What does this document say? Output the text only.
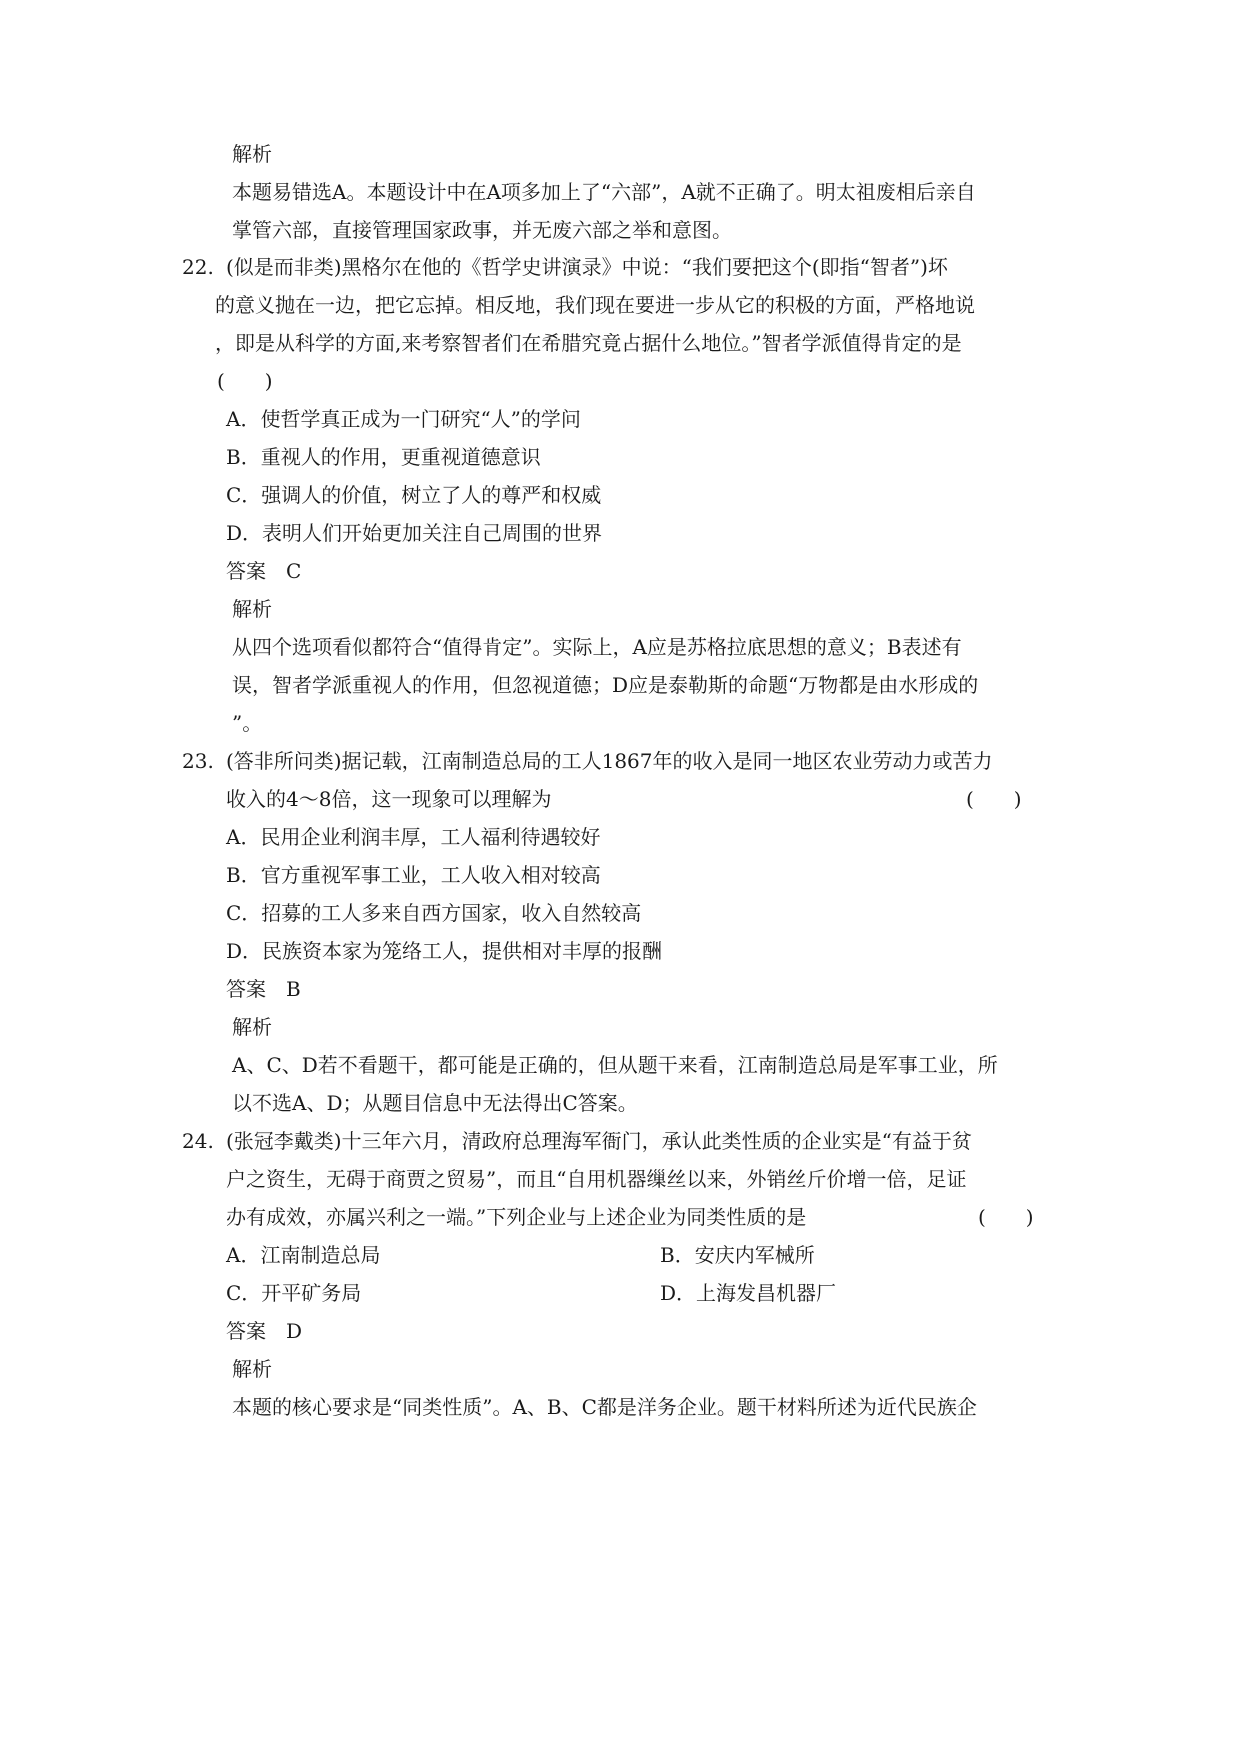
解析
本题易错选A。本题设计中在A项多加上了“六部”，A就不正确了。明太祖废相后亲自
掌管六部，直接管理国家政事，并无废六部之举和意图。
22. (似是而非类)黑格尔在他的《哲学史讲演录》中说：“我们要把这个(即指“智者”)坏
的意义抛在一边，把它忘掉。相反地，我们现在要进一步从它的积极的方面，严格地说
，即是从科学的方面,来考察智者们在希腊究竟占据什么地位。”智者学派值得肯定的是
(　　)
A．使哲学真正成为一门研究“人”的学问
B．重视人的作用，更重视道德意识
C．强调人的价值，树立了人的尊严和权威
D．表明人们开始更加关注自己周围的世界
答案　C
解析
从四个选项看似都符合“值得肯定”。实际上，A应是苏格拉底思想的意义；B表述有
误，智者学派重视人的作用，但忽视道德；D应是泰勒斯的命题“万物都是由水形成的
”。
23. (答非所问类)据记载，江南制造总局的工人1867年的收入是同一地区农业劳动力或苦力
收入的4～8倍，这一现象可以理解为	(　　)
A．民用企业利润丰厚，工人福利待遇较好
B．官方重视军事工业，工人收入相对较高
C．招募的工人多来自西方国家，收入自然较高
D．民族资本家为笼络工人，提供相对丰厚的报酬
答案　B
解析
A、C、D若不看题干，都可能是正确的，但从题干来看，江南制造总局是军事工业，所
以不选A、D；从题目信息中无法得出C答案。
24. (张冠李戴类)十三年六月，清政府总理海军衙门，承认此类性质的企业实是“有益于贫
户之资生，无碍于商贾之贸易”，而且“自用机器缫丝以来，外销丝斤价增一倍，足证
办有成效，亦属兴利之一端。”下列企业与上述企业为同类性质的是	(　　)
A．江南制造总局	B．安庆内军械所
C．开平矿务局	D．上海发昌机器厂
答案　D
解析
本题的核心要求是“同类性质”。A、B、C都是洋务企业。题干材料所述为近代民族企
